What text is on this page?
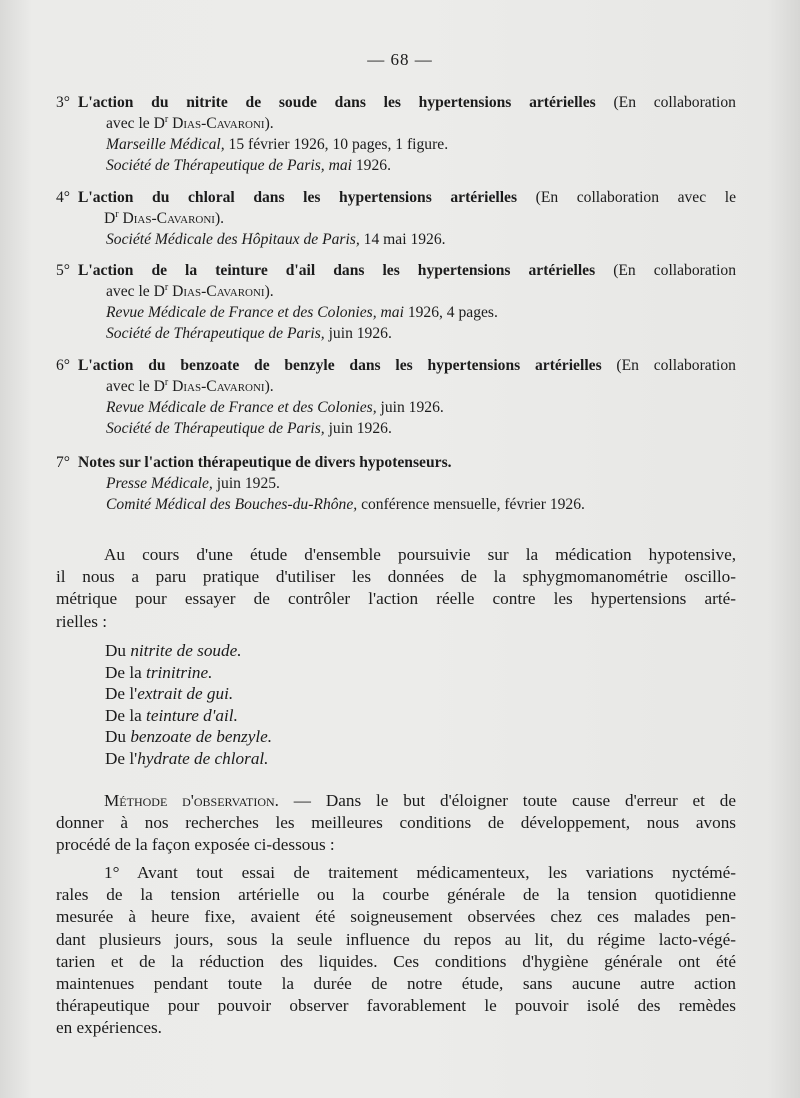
— 68 —
3° L'action du nitrite de soude dans les hypertensions artérielles (En collaboration
avec le $D^r$ Dias-Cavaroni).
Marseille Médical, 15 février 1926, 10 pages, 1 figure.
Société de Thérapeutique de Paris, mai 1926.
4° L'action du chloral dans les hypertensions artérielles (En collaboration avec le
$D^r$ Dias-Cavaroni).
Société Médicale des Hôpitaux de Paris, 14 mai 1926.
5° L'action de la teinture d'ail dans les hypertensions artérielles (En collaboration
avec le $D^r$ Dias-Cavaroni).
Revue Médicale de France et des Colonies, mai 1926, 4 pages.
Société de Thérapeutique de Paris, juin 1926.
6° L'action du benzoate de benzyle dans les hypertensions artérielles (En collaboration
avec le $D^r$ Dias-Cavaroni).
Revue Médicale de France et des Colonies, juin 1926.
Société de Thérapeutique de Paris, juin 1926.
7° Notes sur l'action thérapeutique de divers hypotenseurs.
Presse Médicale, juin 1925.
Comité Médical des Bouches-du-Rhône, conférence mensuelle, février 1926.
Au cours d'une étude d'ensemble poursuivie sur la médication hypotensive,
il nous a paru pratique d'utiliser les données de la sphygmomanométrie oscillo-
métrique pour essayer de contrôler l'action réelle contre les hypertensions arté-
rielles :
Du nitrite de soude.
De la trinitrine.
De l'extrait de gui.
De la teinture d'ail.
Du benzoate de benzyle.
De l'hydrate de chloral.
Méthode d'observation. — Dans le but d'éloigner toute cause d'erreur et de
donner à nos recherches les meilleures conditions de développement, nous avons
procédé de la façon exposée ci-dessous :
1° Avant tout essai de traitement médicamenteux, les variations nyctémé-
rales de la tension artérielle ou la courbe générale de la tension quotidienne
mesurée à heure fixe, avaient été soigneusement observées chez ces malades pen-
dant plusieurs jours, sous la seule influence du repos au lit, du régime lacto-végé-
tarien et de la réduction des liquides. Ces conditions d'hygiène générale ont été
maintenues pendant toute la durée de notre étude, sans aucune autre action
thérapeutique pour pouvoir observer favorablement le pouvoir isolé des remèdes
en expériences.
